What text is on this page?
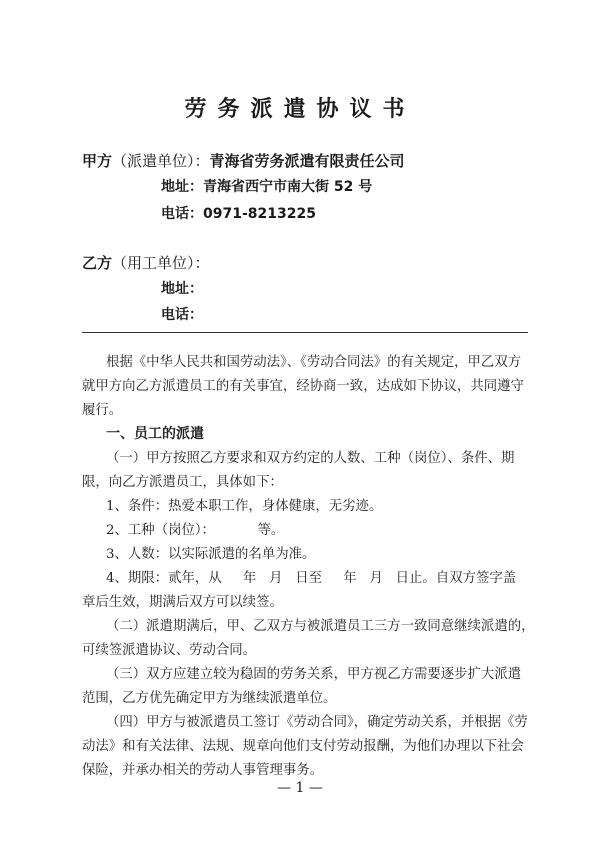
劳务派遣协议书
甲方（派遣单位）：青海省劳务派遣有限责任公司
地址：青海省西宁市南大街 52 号
电话：0971-8213225
乙方（用工单位）：
地址：
电话：
根据《中华人民共和国劳动法》、《劳动合同法》的有关规定，甲乙双方
就甲方向乙方派遣员工的有关事宜，经协商一致，达成如下协议，共同遵守
履行。
一、员工的派遣
（一）甲方按照乙方要求和双方约定的人数、工种（岗位）、条件、期
限，向乙方派遣员工，具体如下：
1、条件：热爱本职工作，身体健康，无劣迹。
2、工种（岗位）：          等。
3、人数：以实际派遣的名单为准。
4、期限：贰年，从     年   月   日至     年   月   日止。自双方签字盖
章后生效，期满后双方可以续签。
（二）派遣期满后，甲、乙双方与被派遣员工三方一致同意继续派遣的，
可续签派遣协议、劳动合同。
（三）双方应建立较为稳固的劳务关系，甲方视乙方需要逐步扩大派遣
范围，乙方优先确定甲方为继续派遣单位。
（四）甲方与被派遣员工签订《劳动合同》，确定劳动关系，并根据《劳
动法》和有关法律、法规、规章向他们支付劳动报酬，为他们办理以下社会
保险，并承办相关的劳动人事管理事务。
— 1 —
